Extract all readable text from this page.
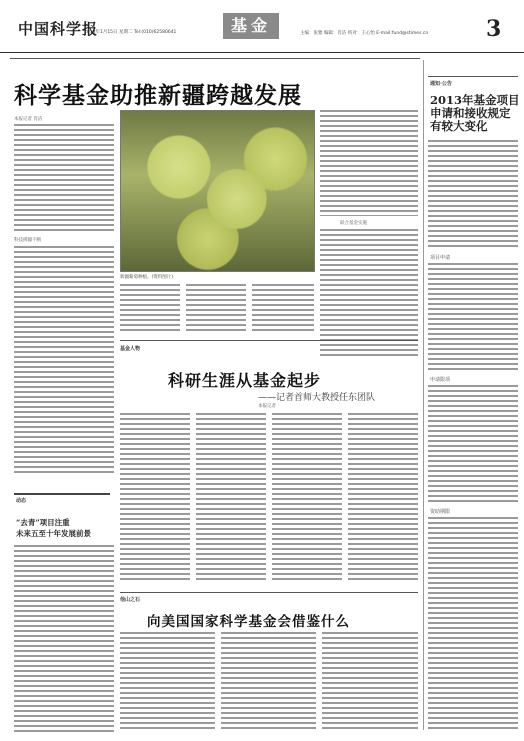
中国科学报
2013年1月15日 星期二 Tel:(010)62580641	基金	主编：张雅 编辑：肖洁 校对：王心怡 E-mail:fund@stimes.cn	3
科学基金助推新疆跨越发展
本报记者 肖洁
科技援疆不断
新疆葡萄种植。(资料图片)
联合基金实施
基金人物
科研生涯从基金起步
——记者首师大教授任东团队
本报记者
动态
“去青”项目注重
未来五至十年发展前景
他山之石
向美国国家科学基金会借鉴什么
通知·公告
2013年基金项目
申请和接收规定
有较大变化
项目申请
申请限项
资助期限
